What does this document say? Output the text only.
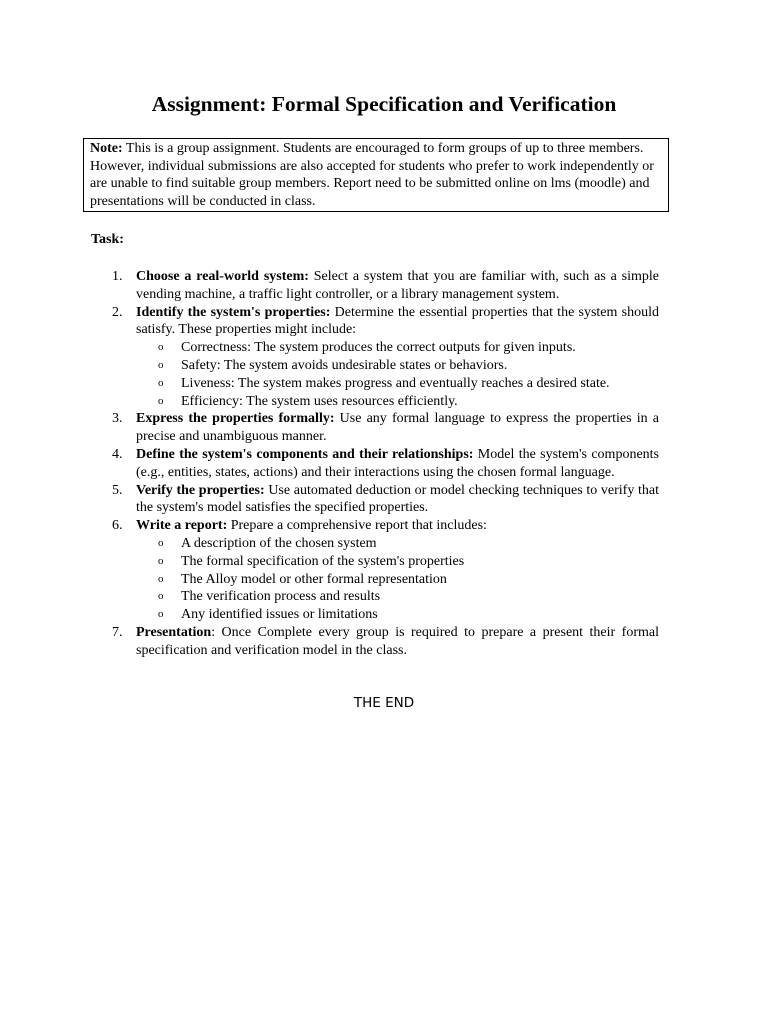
Assignment: Formal Specification and Verification
Note: This is a group assignment. Students are encouraged to form groups of up to three members. However, individual submissions are also accepted for students who prefer to work independently or are unable to find suitable group members. Report need to be submitted online on lms (moodle) and presentations will be conducted in class.
Task:
1. Choose a real-world system: Select a system that you are familiar with, such as a simple vending machine, a traffic light controller, or a library management system.
2. Identify the system's properties: Determine the essential properties that the system should satisfy. These properties might include:
o Correctness: The system produces the correct outputs for given inputs.
o Safety: The system avoids undesirable states or behaviors.
o Liveness: The system makes progress and eventually reaches a desired state.
o Efficiency: The system uses resources efficiently.
3. Express the properties formally: Use any formal language to express the properties in a precise and unambiguous manner.
4. Define the system's components and their relationships: Model the system's components (e.g., entities, states, actions) and their interactions using the chosen formal language.
5. Verify the properties: Use automated deduction or model checking techniques to verify that the system's model satisfies the specified properties.
6. Write a report: Prepare a comprehensive report that includes:
o A description of the chosen system
o The formal specification of the system's properties
o The Alloy model or other formal representation
o The verification process and results
o Any identified issues or limitations
7. Presentation: Once Complete every group is required to prepare a present their formal specification and verification model in the class.
THE END
